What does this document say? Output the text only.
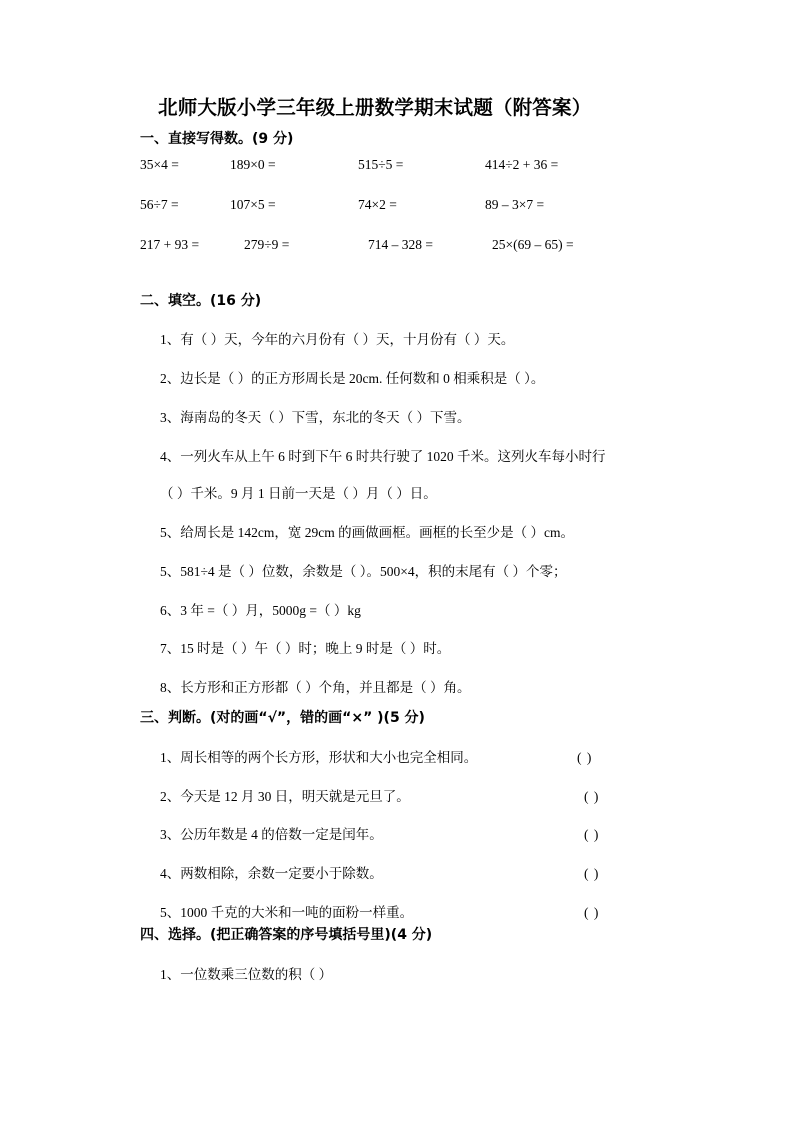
北师大版小学三年级上册数学期末试题（附答案）
一、直接写得数。(9 分)
35×4 =	189×0 =	515÷5 =	414÷2 + 36 =
56÷7 =	107×5 =	74×2 =	89 – 3×7 =
217 + 93 =	279÷9 =	714 – 328 =	25×(69 – 65) =
二、填空。(16 分)
1、有（ ）天，今年的六月份有（ ）天，十月份有（ ）天。
2、边长是（ ）的正方形周长是 20cm. 任何数和 0 相乘积是（ ）。
3、海南岛的冬天（ ）下雪，东北的冬天（ ）下雪。
4、一列火车从上午 6 时到下午 6 时共行驶了 1020 千米。这列火车每小时行
（ ）千米。9 月 1 日前一天是（ ）月（ ）日。
5、给周长是 142cm，宽 29cm 的画做画框。画框的长至少是（ ）cm。
5、581÷4 是（ ）位数，余数是（ ）。500×4，积的末尾有（ ）个零；
6、3 年 =（ ）月，5000g =（ ）kg
7、15 时是（ ）午（ ）时；晚上 9 时是（ ）时。
8、长方形和正方形都（ ）个角，并且都是（ ）角。
三、判断。(对的画“√”，错的画“×” )(5 分)
1、周长相等的两个长方形，形状和大小也完全相同。	( )
2、今天是 12 月 30 日，明天就是元旦了。	( )
3、公历年数是 4 的倍数一定是闰年。	( )
4、两数相除，余数一定要小于除数。	( )
5、1000 千克的大米和一吨的面粉一样重。	( )
四、选择。(把正确答案的序号填括号里)(4 分)
1、一位数乘三位数的积（ ）
